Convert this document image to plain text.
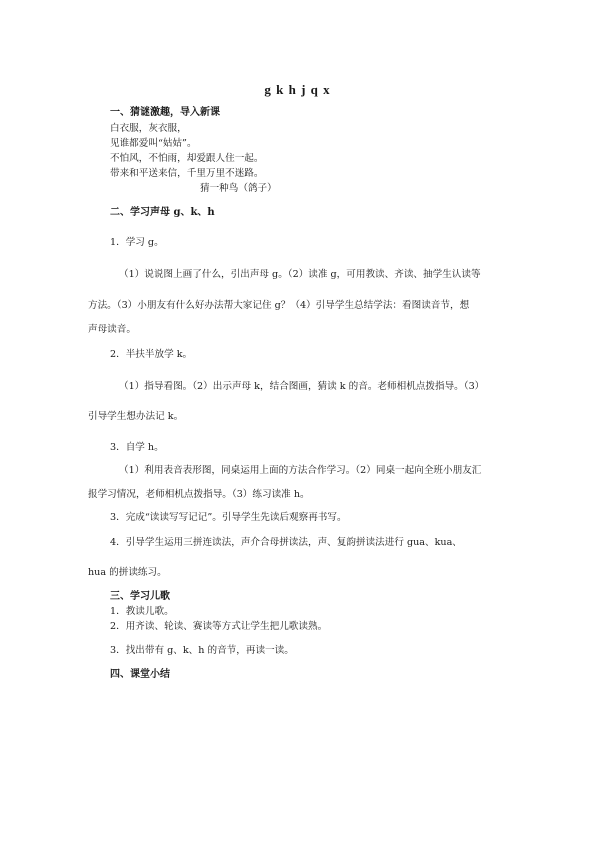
g k h j q x
一、猜谜激趣，导入新课
白衣服，灰衣服，
见谁都爱叫“姑姑”。
不怕风，不怕雨，却爱跟人住一起。
带来和平送来信，千里万里不迷路。
猜一种鸟（鸽子）
二、学习声母 g、k、h
1．学习 g。
（1）说说图上画了什么，引出声母 g。（2）读准 g，可用教读、齐读、抽学生认读等
方法。（3）小朋友有什么好办法帮大家记住 g？（4）引导学生总结学法：看图读音节，想
声母读音。
2．半扶半放学 k。
（1）指导看图。（2）出示声母 k，结合图画，猜读 k 的音。老师相机点拨指导。（3）
引导学生想办法记 k。
3．自学 h。
（1）利用表音表形图，同桌运用上面的方法合作学习。（2）同桌一起向全班小朋友汇
报学习情况，老师相机点拨指导。（3）练习读准 h。
3．完成“读读写写记记”。引导学生先读后观察再书写。
4．引导学生运用三拼连读法，声介合母拼读法，声、复韵拼读法进行 gua、kua、
hua 的拼读练习。
三、学习儿歌
1．教读儿歌。
2．用齐读、轮读、赛读等方式让学生把儿歌读熟。
3．找出带有 g、k、h 的音节，再读一读。
四、课堂小结
